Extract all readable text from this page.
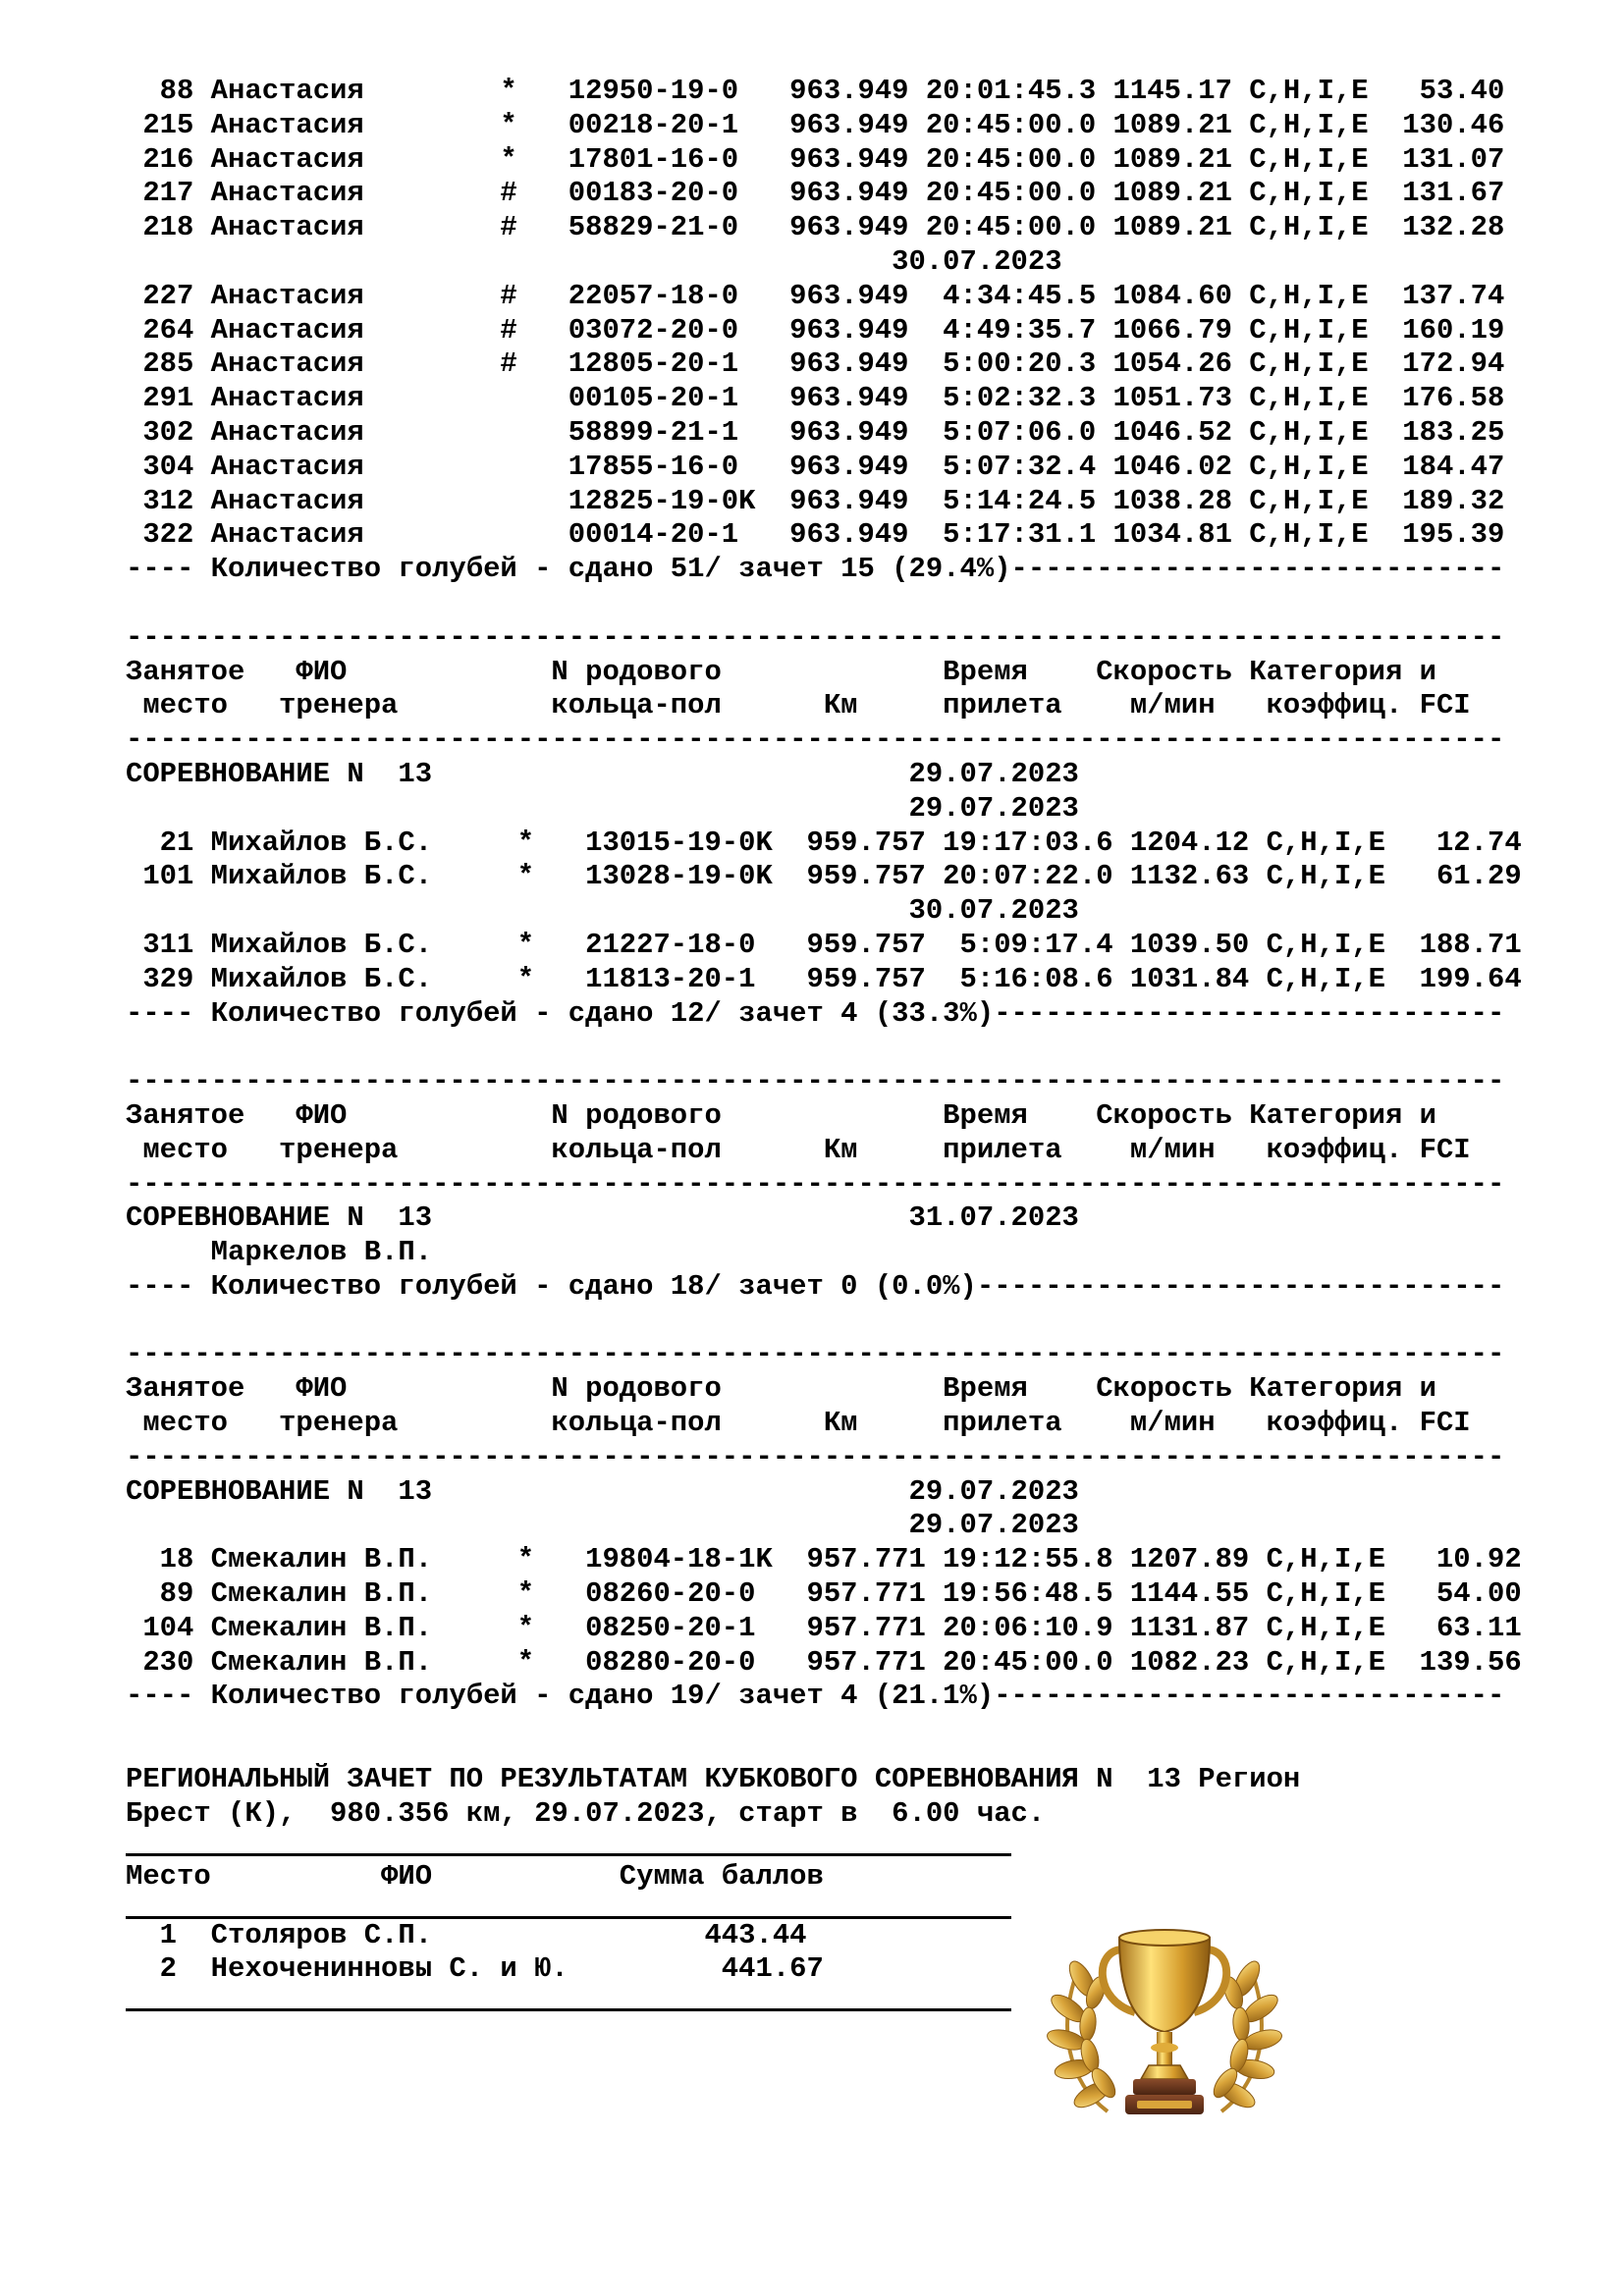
88 Анастасия        *   12950-19-0   963.949 20:01:45.3 1145.17 C,H,I,E   53.40
215 Анастасия        *   00218-20-1   963.949 20:45:00.0 1089.21 C,H,I,E  130.46
216 Анастасия        *   17801-16-0   963.949 20:45:00.0 1089.21 C,H,I,E  131.07
217 Анастасия        #   00183-20-0   963.949 20:45:00.0 1089.21 C,H,I,E  131.67
218 Анастасия        #   58829-21-0   963.949 20:45:00.0 1089.21 C,H,I,E  132.28
30.07.2023
227 Анастасия        #   22057-18-0   963.949  4:34:45.5 1084.60 C,H,I,E  137.74
264 Анастасия        #   03072-20-0   963.949  4:49:35.7 1066.79 C,H,I,E  160.19
285 Анастасия        #   12805-20-1   963.949  5:00:20.3 1054.26 C,H,I,E  172.94
291 Анастасия            00105-20-1   963.949  5:02:32.3 1051.73 C,H,I,E  176.58
302 Анастасия            58899-21-1   963.949  5:07:06.0 1046.52 C,H,I,E  183.25
304 Анастасия            17855-16-0   963.949  5:07:32.4 1046.02 C,H,I,E  184.47
312 Анастасия            12825-19-0K  963.949  5:14:24.5 1038.28 C,H,I,E  189.32
322 Анастасия            00014-20-1   963.949  5:17:31.1 1034.81 C,H,I,E  195.39
---- Количество голубей - сдано 51/ зачет 15 (29.4%)-----------------------------
---------------------------------------------------------------------------------
Занятое   ФИО            N родового             Время    Скорость Категория и
место   тренера         кольца-пол      Км     прилета    м/мин   коэффиц. FCI
---------------------------------------------------------------------------------
СОРЕВНОВАНИЕ N  13                            29.07.2023
29.07.2023
21 Михайлов Б.С.     *   13015-19-0K  959.757 19:17:03.6 1204.12 C,H,I,E   12.74
101 Михайлов Б.С.     *   13028-19-0K  959.757 20:07:22.0 1132.63 C,H,I,E   61.29
30.07.2023
311 Михайлов Б.С.     *   21227-18-0   959.757  5:09:17.4 1039.50 C,H,I,E  188.71
329 Михайлов Б.С.     *   11813-20-1   959.757  5:16:08.6 1031.84 C,H,I,E  199.64
---- Количество голубей - сдано 12/ зачет 4 (33.3%)------------------------------
---------------------------------------------------------------------------------
Занятое   ФИО            N родового             Время    Скорость Категория и
место   тренера         кольца-пол      Км     прилета    м/мин   коэффиц. FCI
---------------------------------------------------------------------------------
СОРЕВНОВАНИЕ N  13                            31.07.2023
Маркелов В.П.
---- Количество голубей - сдано 18/ зачет 0 (0.0%)-------------------------------
---------------------------------------------------------------------------------
Занятое   ФИО            N родового             Время    Скорость Категория и
место   тренера         кольца-пол      Км     прилета    м/мин   коэффиц. FCI
---------------------------------------------------------------------------------
СОРЕВНОВАНИЕ N  13                            29.07.2023
29.07.2023
18 Смекалин В.П.     *   19804-18-1K  957.771 19:12:55.8 1207.89 C,H,I,E   10.92
89 Смекалин В.П.     *   08260-20-0   957.771 19:56:48.5 1144.55 C,H,I,E   54.00
104 Смекалин В.П.     *   08250-20-1   957.771 20:06:10.9 1131.87 C,H,I,E   63.11
230 Смекалин В.П.     *   08280-20-0   957.771 20:45:00.0 1082.23 C,H,I,E  139.56
---- Количество голубей - сдано 19/ зачет 4 (21.1%)------------------------------
РЕГИОНАЛЬНЫЙ ЗАЧЕТ ПО РЕЗУЛЬТАТАМ КУБКОВОГО СОРЕВНОВАНИЯ N  13 Регион
Брест (К),  980.356 км, 29.07.2023, старт в  6.00 час.
Место          ФИО           Сумма баллов
1  Столяров С.П.                443.44
2  Нехоченинновы С. и Ю.         441.67
